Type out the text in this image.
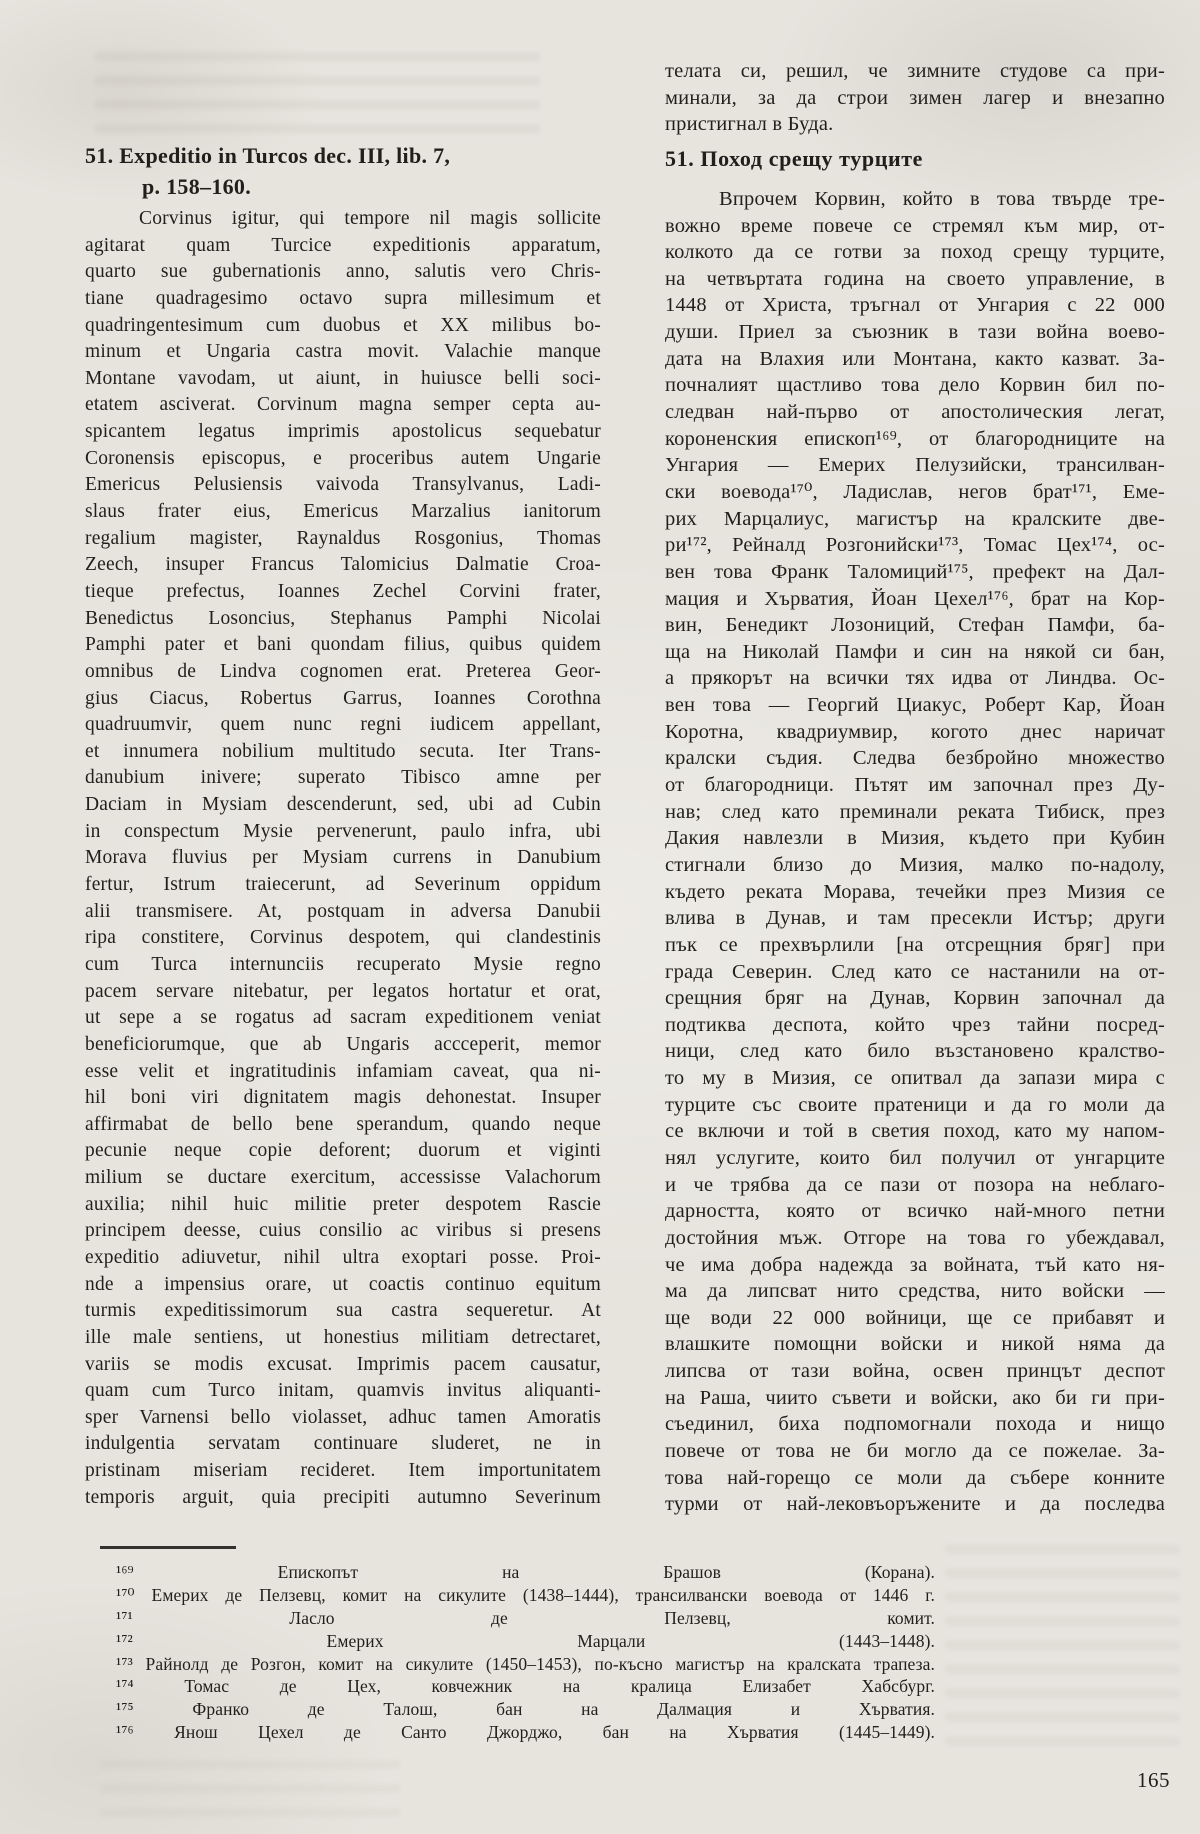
51. Expeditio in Turcos dec. III, lib. 7,
p. 158–160.
Corvinus igitur, qui tempore nil magis sollicite
agitarat quam Turcice expeditionis apparatum,
quarto sue gubernationis anno, salutis vero Chris-
tiane quadragesimo octavo supra millesimum et
quadringentesimum cum duobus et XX milibus bo-
minum et Ungaria castra movit. Valachie manque
Montane vavodam, ut aiunt, in huiusce belli soci-
etatem asciverat. Corvinum magna semper cepta au-
spicantem legatus imprimis apostolicus sequebatur
Coronensis episcopus, e proceribus autem Ungarie
Emericus Pelusiensis vaivoda Transylvanus, Ladi-
slaus frater eius, Emericus Marzalius ianitorum
regalium magister, Raynaldus Rosgonius, Thomas
Zeech, insuper Francus Talomicius Dalmatie Croa-
tieque prefectus, Ioannes Zechel Corvini frater,
Benedictus Losoncius, Stephanus Pamphi Nicolai
Pamphi pater et bani quondam filius, quibus quidem
omnibus de Lindva cognomen erat. Preterea Geor-
gius Ciacus, Robertus Garrus, Ioannes Corothna
quadruumvir, quem nunc regni iudicem appellant,
et innumera nobilium multitudo secuta. Iter Trans-
danubium inivere; superato Tibisco amne per
Daciam in Mysiam descenderunt, sed, ubi ad Cubin
in conspectum Mysie pervenerunt, paulo infra, ubi
Morava fluvius per Mysiam currens in Danubium
fertur, Istrum traiecerunt, ad Severinum oppidum
alii transmisere. At, postquam in adversa Danubii
ripa constitere, Corvinus despotem, qui clandestinis
cum Turca internunciis recuperato Mysie regno
pacem servare nitebatur, per legatos hortatur et orat,
ut sepe a se rogatus ad sacram expeditionem veniat
beneficiorumque, que ab Ungaris accceperit, memor
esse velit et ingratitudinis infamiam caveat, qua ni-
hil boni viri dignitatem magis dehonestat. Insuper
affirmabat de bello bene sperandum, quando neque
pecunie neque copie deforent; duorum et viginti
milium se ductare exercitum, accessisse Valachorum
auxilia; nihil huic militie preter despotem Rascie
principem deesse, cuius consilio ac viribus si presens
expeditio adiuvetur, nihil ultra exoptari posse. Proi-
nde a impensius orare, ut coactis continuo equitum
turmis expeditissimorum sua castra sequeretur. At
ille male sentiens, ut honestius militiam detrectaret,
variis se modis excusat. Imprimis pacem causatur,
quam cum Turco initam, quamvis invitus aliquanti-
sper Varnensi bello violasset, adhuc tamen Amoratis
indulgentia servatam continuare sluderet, ne in
pristinam miseriam recideret. Item importunitatem
temporis arguit, quia precipiti autumno Severinum
телата си, решил, че зимните студове са при-
минали, за да строи зимен лагер и внезапно
пристигнал в Буда.
51. Поход срещу турците
Впрочем Корвин, който в това твърде тре-
вожно време повече се стремял към мир, от-
колкото да се готви за поход срещу турците,
на четвъртата година на своето управление, в
1448 от Христа, тръгнал от Унгария с 22 000
души. Приел за съюзник в тази война воево-
дата на Влахия или Монтана, както казват. За-
почналият щастливо това дело Корвин бил по-
следван най-първо от апостолическия легат,
короненския епископ¹⁶⁹, от благородниците на
Унгария — Емерих Пелузийски, трансилван-
ски воевода¹⁷⁰, Ладислав, негов брат¹⁷¹, Еме-
рих Марцалиус, магистър на кралските две-
ри¹⁷², Рейналд Розгонийски¹⁷³, Томас Цех¹⁷⁴, ос-
вен това Франк Таломиций¹⁷⁵, префект на Дал-
мация и Хърватия, Йоан Цехел¹⁷⁶, брат на Кор-
вин, Бенедикт Лозониций, Стефан Памфи, ба-
ща на Николай Памфи и син на някой си бан,
а прякорът на всички тях идва от Линдва. Ос-
вен това — Георгий Циакус, Роберт Кар, Йоан
Коротна, квадриумвир, когото днес наричат
кралски съдия. Следва безбройно множество
от благородници. Пътят им започнал през Ду-
нав; след като преминали реката Тибиск, през
Дакия навлезли в Мизия, където при Кубин
стигнали близо до Мизия, малко по-надолу,
където реката Морава, течейки през Мизия се
влива в Дунав, и там пресекли Истър; други
пък се прехвърлили [на отсрещния бряг] при
града Северин. След като се настанили на от-
срещния бряг на Дунав, Корвин започнал да
подтиква деспота, който чрез тайни посред-
ници, след като било възстановено кралство-
то му в Мизия, се опитвал да запази мира с
турците със своите пратеници и да го моли да
се включи и той в светия поход, като му напом-
нял услугите, които бил получил от унгарците
и че трябва да се пази от позора на неблаго-
дарността, която от всичко най-много петни
достойния мъж. Отгоре на това го убеждавал,
че има добра надежда за войната, тъй като ня-
ма да липсват нито средства, нито войски —
ще води 22 000 войници, ще се прибавят и
влашките помощни войски и никой няма да
липсва от тази война, освен принцът деспот
на Раша, чиито съвети и войски, ако би ги при-
съединил, биха подпомогнали похода и нищо
повече от това не би могло да се пожелае. За-
това най-горещо се моли да събере конните
турми от най-лековъоръжените и да последва
¹⁶⁹ Епископът на Брашов (Корана).
¹⁷⁰ Емерих де Пелзевц, комит на сикулите (1438–1444), трансилвански воевода от 1446 г.
¹⁷¹ Ласло де Пелзевц, комит.
¹⁷² Емерих Марцали (1443–1448).
¹⁷³ Райнолд де Розгон, комит на сикулите (1450–1453), по-късно магистър на кралската трапеза.
¹⁷⁴ Томас де Цех, ковчежник на кралица Елизабет Хабсбург.
¹⁷⁵ Франко де Талош, бан на Далмация и Хърватия.
¹⁷⁶ Янош Цехел де Санто Джорджо, бан на Хърватия (1445–1449).
165
